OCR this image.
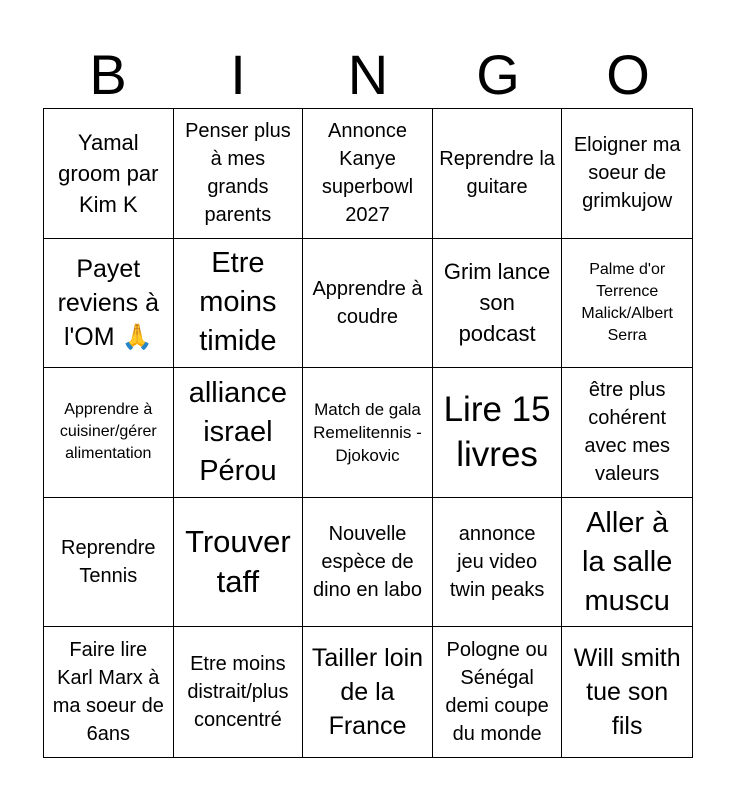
B	I	N	G	O
Yamal groom par Kim K
Penser plus à mes grands parents
Annonce Kanye superbowl 2027
Reprendre la guitare
Eloigner ma soeur de grimkujow
Payet reviens à l'OM 🙏
Etre moins timide
Apprendre à coudre
Grim lance son podcast
Palme d'or Terrence Malick/Albert Serra
Apprendre à cuisiner/gérer alimentation
alliance israel Pérou
Match de gala Remelitennis -Djokovic
Lire 15 livres
être plus cohérent avec mes valeurs
Reprendre Tennis
Trouver taff
Nouvelle espèce de dino en labo
annonce jeu video twin peaks
Aller à la salle muscu
Faire lire Karl Marx à ma soeur de 6ans
Etre moins distrait/plus concentré
Tailler loin de la France
Pologne ou Sénégal demi coupe du monde
Will smith tue son fils
